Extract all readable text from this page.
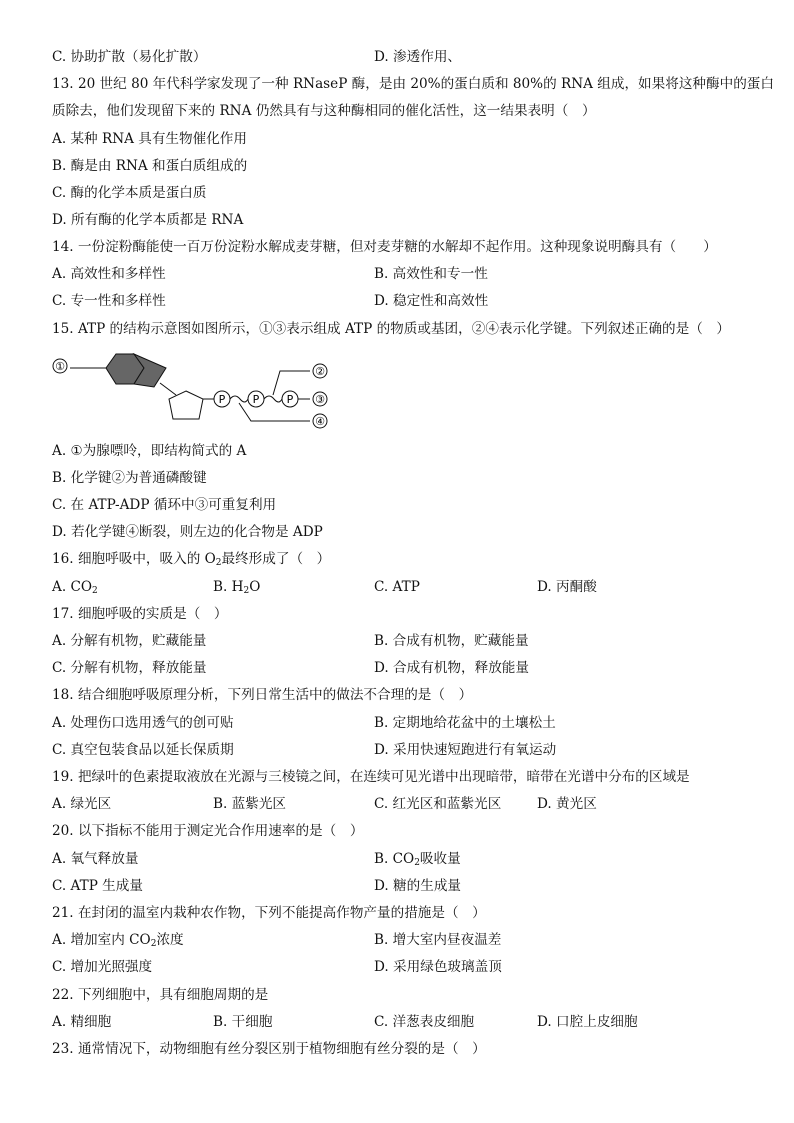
C. 协助扩散（易化扩散）	D. 渗透作用、
13. 20 世纪 80 年代科学家发现了一种 RNaseP 酶，是由 20%的蛋白质和 80%的 RNA 组成，如果将这种酶中的蛋白
质除去，他们发现留下来的 RNA 仍然具有与这种酶相同的催化活性，这一结果表明（　）
A. 某种 RNA 具有生物催化作用
B. 酶是由 RNA 和蛋白质组成的
C. 酶的化学本质是蛋白质
D. 所有酶的化学本质都是 RNA
14. 一份淀粉酶能使一百万份淀粉水解成麦芽糖，但对麦芽糖的水解却不起作用。这种现象说明酶具有（　　）
A. 高效性和多样性	B. 高效性和专一性
C. 专一性和多样性	D. 稳定性和高效性
15. ATP 的结构示意图如图所示，①③表示组成 ATP 的物质或基团，②④表示化学键。下列叙述正确的是（　）
①
P P P
②
③
④
A. ①为腺嘌呤，即结构简式的 A
B. 化学键②为普通磷酸键
C. 在 ATP-ADP 循环中③可重复利用
D. 若化学键④断裂，则左边的化合物是 ADP
16. 细胞呼吸中，吸入的 $O_2$最终形成了（　）
A. $CO_2$	B. $H_2O$	C. ATP	D. 丙酮酸
17. 细胞呼吸的实质是（　）
A. 分解有机物，贮藏能量	B. 合成有机物，贮藏能量
C. 分解有机物，释放能量	D. 合成有机物，释放能量
18. 结合细胞呼吸原理分析，下列日常生活中的做法不合理的是（　）
A. 处理伤口选用透气的创可贴	B. 定期地给花盆中的土壤松土
C. 真空包装食品以延长保质期	D. 采用快速短跑进行有氧运动
19. 把绿叶的色素提取液放在光源与三棱镜之间，在连续可见光谱中出现暗带，暗带在光谱中分布的区域是
A. 绿光区	B. 蓝紫光区	C. 红光区和蓝紫光区	D. 黄光区
20. 以下指标不能用于测定光合作用速率的是（　）
A. 氧气释放量	B. $CO_2$吸收量
C. ATP 生成量	D. 糖的生成量
21. 在封闭的温室内栽种农作物，下列不能提高作物产量的措施是（　）
A. 增加室内 $CO_2$浓度	B. 增大室内昼夜温差
C. 增加光照强度	D. 采用绿色玻璃盖顶
22. 下列细胞中，具有细胞周期的是
A. 精细胞	B. 干细胞	C. 洋葱表皮细胞	D. 口腔上皮细胞
23. 通常情况下，动物细胞有丝分裂区别于植物细胞有丝分裂的是（　）
